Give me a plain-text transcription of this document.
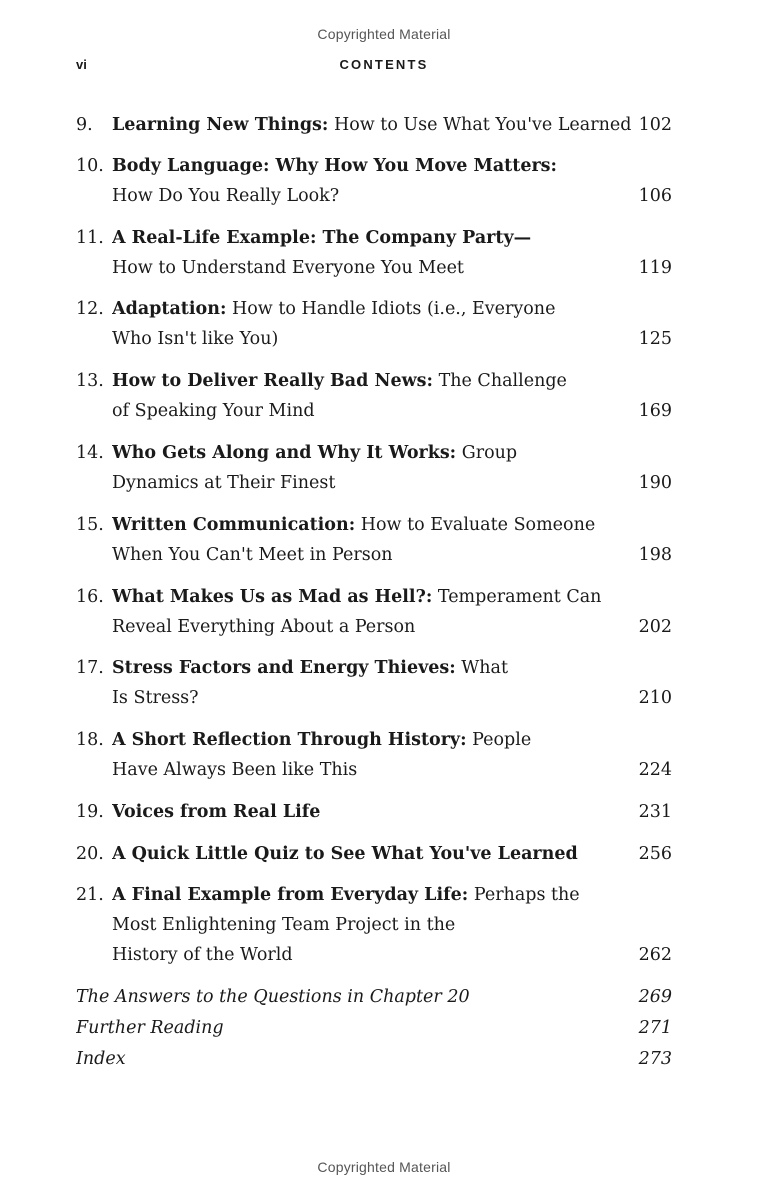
Copyrighted Material
vi	CONTENTS
9.	Learning New Things: How to Use What You've Learned 102
10. Body Language: Why How You Move Matters:
How Do You Really Look?	106
11. A Real-Life Example: The Company Party—
How to Understand Everyone You Meet	119
12. Adaptation: How to Handle Idiots (i.e., Everyone
Who Isn't like You)	125
13. How to Deliver Really Bad News: The Challenge
of Speaking Your Mind	169
14. Who Gets Along and Why It Works: Group
Dynamics at Their Finest	190
15. Written Communication: How to Evaluate Someone
When You Can't Meet in Person	198
16. What Makes Us as Mad as Hell?: Temperament Can
Reveal Everything About a Person	202
17. Stress Factors and Energy Thieves: What
Is Stress?	210
18. A Short Reflection Through History: People
Have Always Been like This	224
19. Voices from Real Life	231
20. A Quick Little Quiz to See What You've Learned	256
21. A Final Example from Everyday Life: Perhaps the
Most Enlightening Team Project in the
History of the World	262
The Answers to the Questions in Chapter 20	269
Further Reading	271
Index	273
Copyrighted Material
